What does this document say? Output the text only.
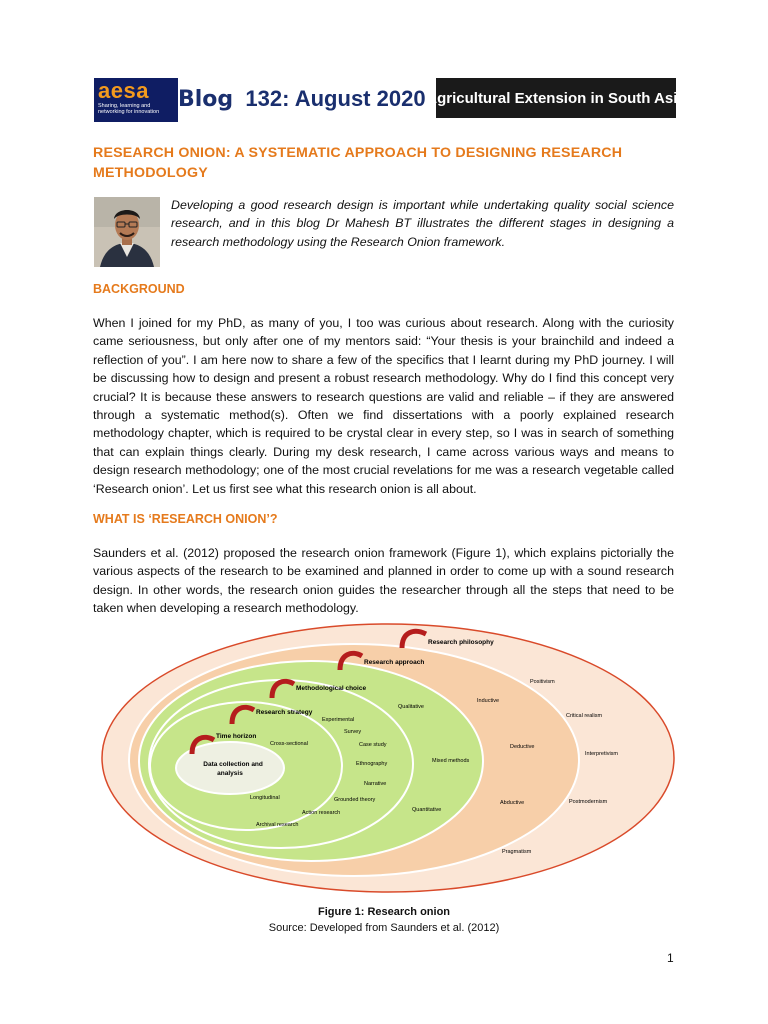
aesa
Sharing, learning and networking for innovation Blog 132: August 2020 Agricultural Extension in South Asia
RESEARCH ONION: A SYSTEMATIC APPROACH TO DESIGNING RESEARCH METHODOLOGY
Developing a good research design is important while undertaking quality social science research, and in this blog Dr Mahesh BT illustrates the different stages in designing a research methodology using the Research Onion framework.
BACKGROUND
When I joined for my PhD, as many of you, I too was curious about research. Along with the curiosity came seriousness, but only after one of my mentors said: “Your thesis is your brainchild and indeed a reflection of you”. I am here now to share a few of the specifics that I learnt during my PhD journey. I will be discussing how to design and present a robust research methodology. Why do I find this concept very crucial? It is because these answers to research questions are valid and reliable – if they are answered through a systematic method(s). Often we find dissertations with a poorly explained research methodology chapter, which is required to be crystal clear in every step, so I was in search of something that can explain things clearly. During my desk research, I came across various ways and means to design research methodology; one of the most crucial revelations for me was a research vegetable called ‘Research onion’. Let us first see what this research onion is all about.
WHAT IS ‘RESEARCH ONION’?
Saunders et al. (2012) proposed the research onion framework (Figure 1), which explains pictorially the various aspects of the research to be examined and planned in order to come up with a sound research design. In other words, the research onion guides the researcher through all the steps that need to be taken when developing a research methodology.
Research philosophy
Research approach
Methodological choice
Research strategy
Time horizon
Data collection and analysis
Positivism
Critical realism
Interpretivism
Postmodernism
Pragmatism
Inductive
Deductive
Abductive
Qualitative
Mixed methods
Quantitative
Experimental
Survey
Case study
Ethnography
Narrative
Grounded theory
Action research
Archival research
Cross-sectional
Longitudinal
Figure 1: Research onion
Source: Developed from Saunders et al. (2012)
1
